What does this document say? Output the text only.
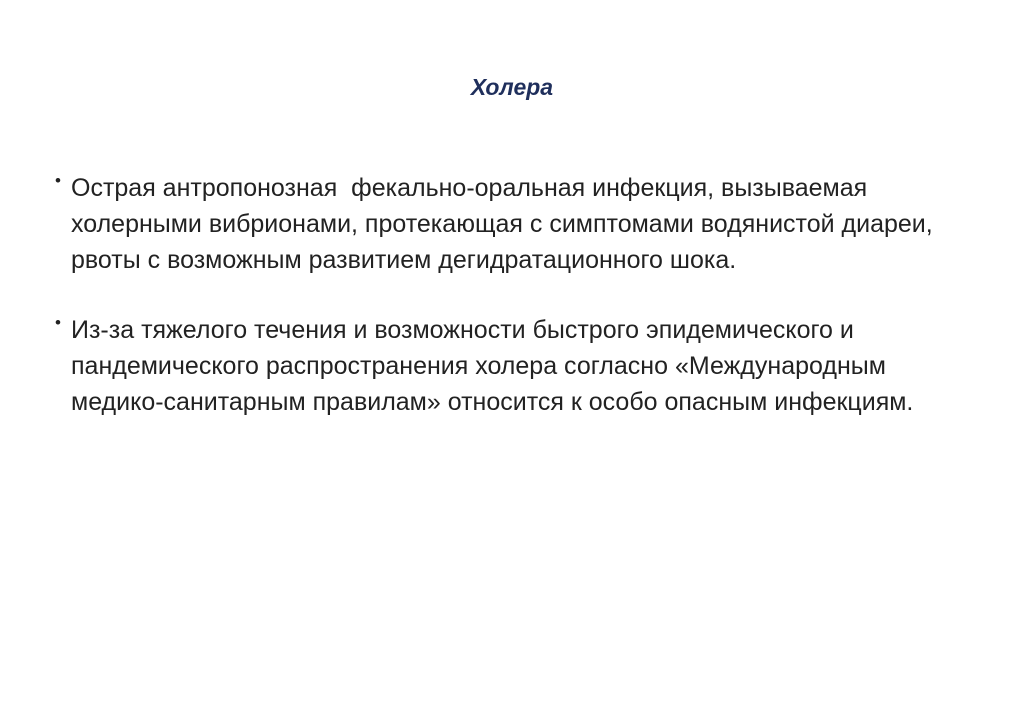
Холера
• Острая антропонозная  фекально-оральная инфекция, вызываемая холерными вибрионами, протекающая с симптомами водянистой диареи, рвоты с возможным развитием дегидратационного шока.
• Из-за тяжелого течения и возможности быстрого эпидемического и пандемического распространения холера согласно «Международным медико-санитарным правилам» относится к особо опасным инфекциям.
